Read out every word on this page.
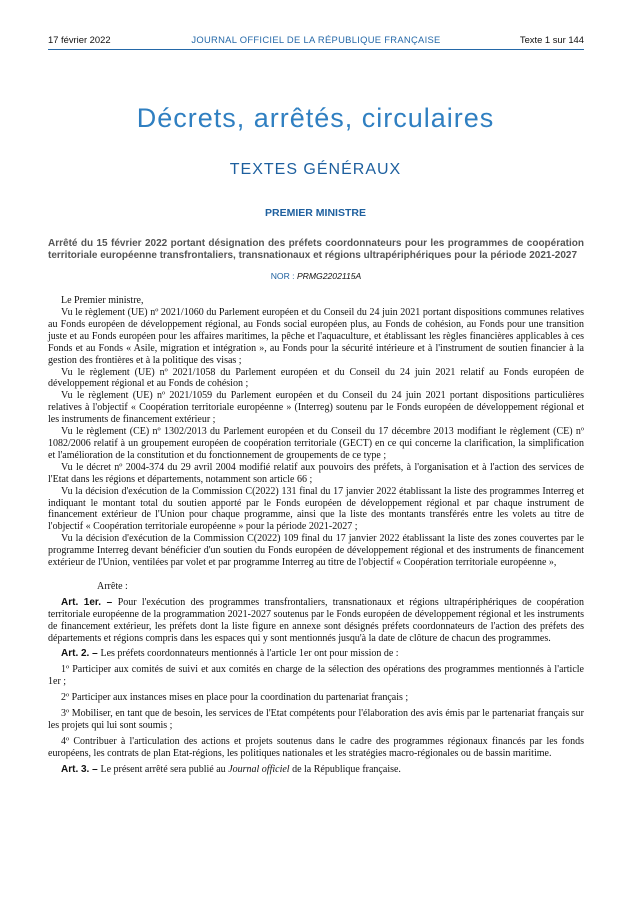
17 février 2022	JOURNAL OFFICIEL DE LA RÉPUBLIQUE FRANÇAISE	Texte 1 sur 144
Décrets, arrêtés, circulaires
TEXTES GÉNÉRAUX
PREMIER MINISTRE

Arrêté du 15 février 2022 portant désignation des préfets coordonnateurs pour les programmes de coopération territoriale européenne transfrontaliers, transnationaux et régions ultrapériphériques pour la période 2021-2027

NOR : PRMG2202115A

Le Premier ministre,

Vu le règlement (UE) nº 2021/1060 du Parlement européen et du Conseil du 24 juin 2021 portant dispositions communes relatives au Fonds européen de développement régional, au Fonds social européen plus, au Fonds de cohésion, au Fonds pour une transition juste et au Fonds européen pour les affaires maritimes, la pêche et l'aquaculture, et établissant les règles financières applicables à ces Fonds et au Fonds « Asile, migration et intégration », au Fonds pour la sécurité intérieure et à l'instrument de soutien financier à la gestion des frontières et à la politique des visas ;

Vu le règlement (UE) nº 2021/1058 du Parlement européen et du Conseil du 24 juin 2021 relatif au Fonds européen de développement régional et au Fonds de cohésion ;

Vu le règlement (UE) nº 2021/1059 du Parlement européen et du Conseil du 24 juin 2021 portant dispositions particulières relatives à l'objectif « Coopération territoriale européenne » (Interreg) soutenu par le Fonds européen de développement régional et les instruments de financement extérieur ;

Vu le règlement (CE) nº 1302/2013 du Parlement européen et du Conseil du 17 décembre 2013 modifiant le règlement (CE) nº 1082/2006 relatif à un groupement européen de coopération territoriale (GECT) en ce qui concerne la clarification, la simplification et l'amélioration de la constitution et du fonctionnement de groupements de ce type ;

Vu le décret nº 2004-374 du 29 avril 2004 modifié relatif aux pouvoirs des préfets, à l'organisation et à l'action des services de l'Etat dans les régions et départements, notamment son article 66 ;

Vu la décision d'exécution de la Commission C(2022) 131 final du 17 janvier 2022 établissant la liste des programmes Interreg et indiquant le montant total du soutien apporté par le Fonds européen de développement régional et par chaque instrument de financement extérieur de l'Union pour chaque programme, ainsi que la liste des montants transférés entre les volets au titre de l'objectif « Coopération territoriale européenne » pour la période 2021-2027 ;

Vu la décision d'exécution de la Commission C(2022) 109 final du 17 janvier 2022 établissant la liste des zones couvertes par le programme Interreg devant bénéficier d'un soutien du Fonds européen de développement régional et des instruments de financement extérieur de l'Union, ventilées par volet et par programme Interreg au titre de l'objectif « Coopération territoriale européenne »,

Arrête :

Art. 1er. – Pour l'exécution des programmes transfrontaliers, transnationaux et régions ultrapériphériques de coopération territoriale européenne de la programmation 2021-2027 soutenus par le Fonds européen de développement régional et les instruments de financement extérieur, les préfets dont la liste figure en annexe sont désignés préfets coordonnateurs de l'action des préfets des départements et régions compris dans les espaces qui y sont mentionnés jusqu'à la date de clôture de chacun des programmes.

Art. 2. – Les préfets coordonnateurs mentionnés à l'article 1er ont pour mission de :

1º Participer aux comités de suivi et aux comités en charge de la sélection des opérations des programmes mentionnés à l'article 1er ;

2º Participer aux instances mises en place pour la coordination du partenariat français ;

3º Mobiliser, en tant que de besoin, les services de l'Etat compétents pour l'élaboration des avis émis par le partenariat français sur les projets qui lui sont soumis ;

4º Contribuer à l'articulation des actions et projets soutenus dans le cadre des programmes régionaux financés par les fonds européens, les contrats de plan Etat-régions, les politiques nationales et les stratégies macro-régionales ou de bassin maritime.

Art. 3. – Le présent arrêté sera publié au Journal officiel de la République française.
